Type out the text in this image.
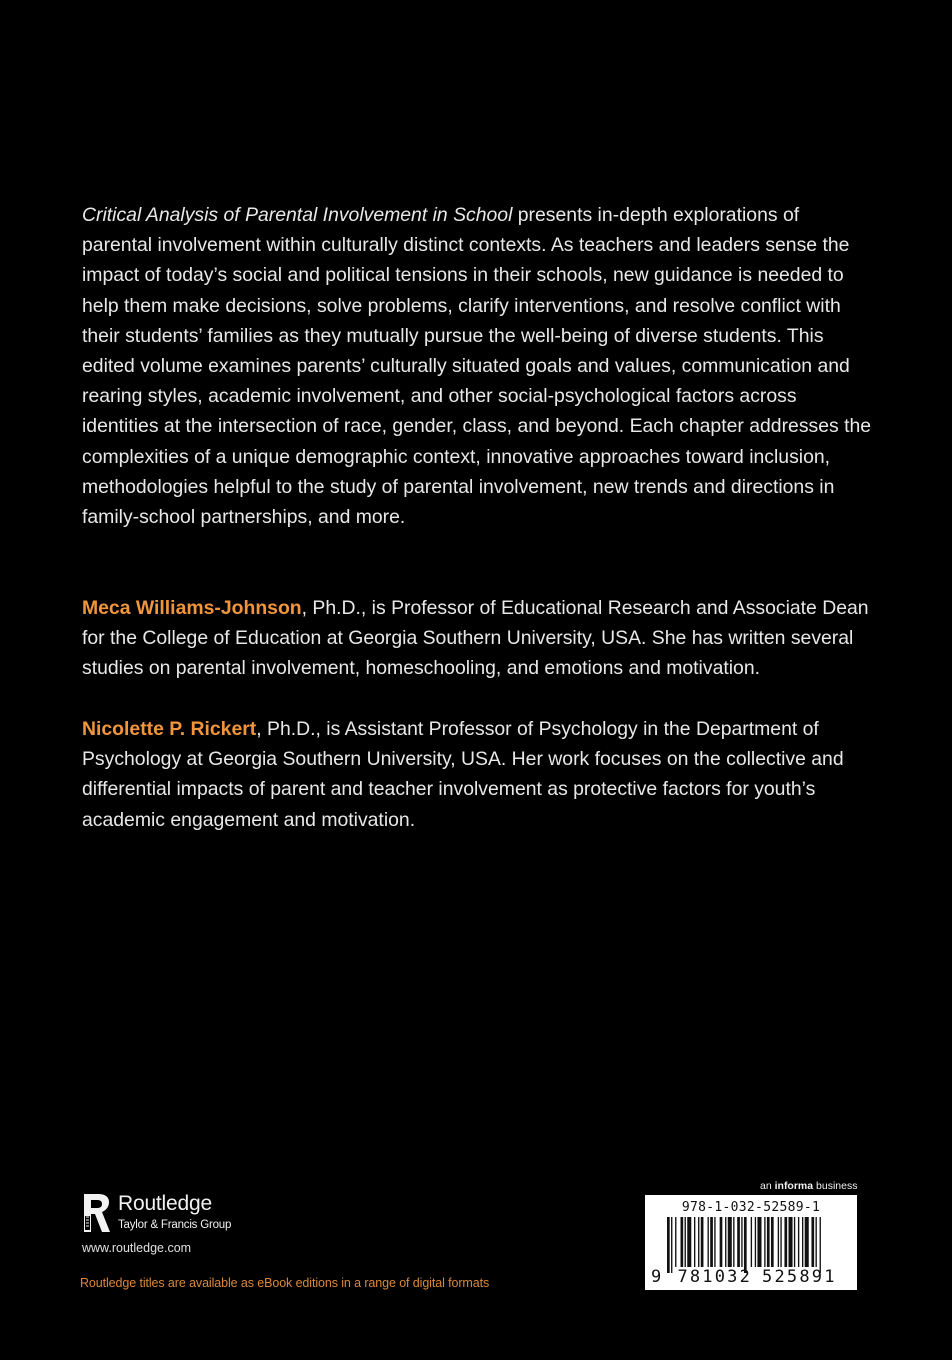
Critical Analysis of Parental Involvement in School presents in-depth explorations of parental involvement within culturally distinct contexts. As teachers and leaders sense the impact of today’s social and political tensions in their schools, new guidance is needed to help them make decisions, solve problems, clarify interventions, and resolve conflict with their students’ families as they mutually pursue the well-being of diverse students. This edited volume examines parents’ culturally situated goals and values, communication and rearing styles, academic involvement, and other social-psychological factors across identities at the intersection of race, gender, class, and beyond. Each chapter addresses the complexities of a unique demographic context, innovative approaches toward inclusion, methodologies helpful to the study of parental involvement, new trends and directions in family-school partnerships, and more.

Meca Williams-Johnson, Ph.D., is Professor of Educational Research and Associate Dean for the College of Education at Georgia Southern University, USA. She has written several studies on parental involvement, homeschooling, and emotions and motivation.

Nicolette P. Rickert, Ph.D., is Assistant Professor of Psychology in the Department of Psychology at Georgia Southern University, USA. Her work focuses on the collective and differential impacts of parent and teacher involvement as protective factors for youth’s academic engagement and motivation.

Routledge
Taylor & Francis Group
www.routledge.com
Routledge titles are available as eBook editions in a range of digital formats
an informa business
978-1-032-52589-1
9 781032 525891
